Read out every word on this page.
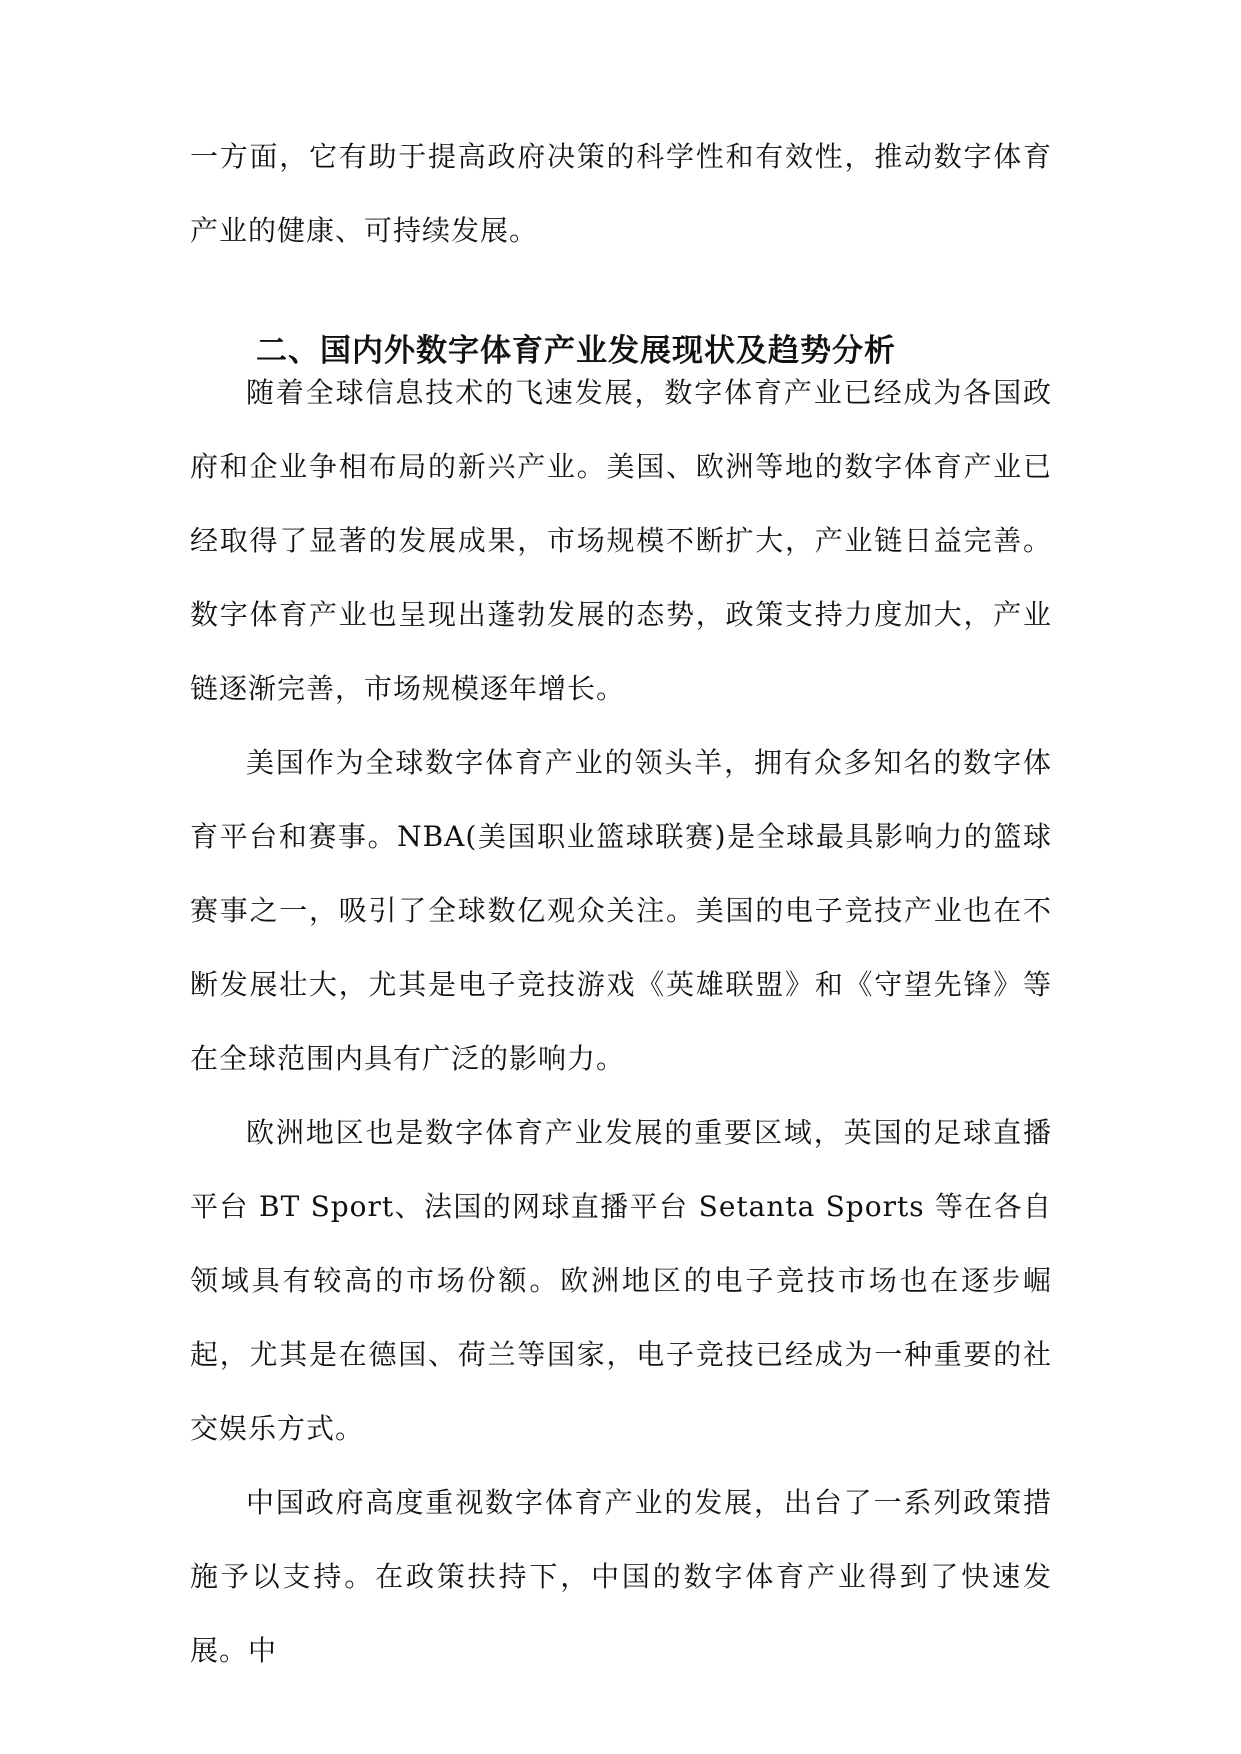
一方面，它有助于提高政府决策的科学性和有效性，推动数字体育产业的健康、可持续发展。

二、国内外数字体育产业发展现状及趋势分析

随着全球信息技术的飞速发展，数字体育产业已经成为各国政府和企业争相布局的新兴产业。美国、欧洲等地的数字体育产业已经取得了显著的发展成果，市场规模不断扩大，产业链日益完善。数字体育产业也呈现出蓬勃发展的态势，政策支持力度加大，产业链逐渐完善，市场规模逐年增长。

美国作为全球数字体育产业的领头羊，拥有众多知名的数字体育平台和赛事。NBA(美国职业篮球联赛)是全球最具影响力的篮球赛事之一，吸引了全球数亿观众关注。美国的电子竞技产业也在不断发展壮大，尤其是电子竞技游戏《英雄联盟》和《守望先锋》等在全球范围内具有广泛的影响力。

欧洲地区也是数字体育产业发展的重要区域，英国的足球直播平台 BT Sport、法国的网球直播平台 Setanta Sports 等在各自领域具有较高的市场份额。欧洲地区的电子竞技市场也在逐步崛起，尤其是在德国、荷兰等国家，电子竞技已经成为一种重要的社交娱乐方式。

中国政府高度重视数字体育产业的发展，出台了一系列政策措施予以支持。在政策扶持下，中国的数字体育产业得到了快速发展。中
